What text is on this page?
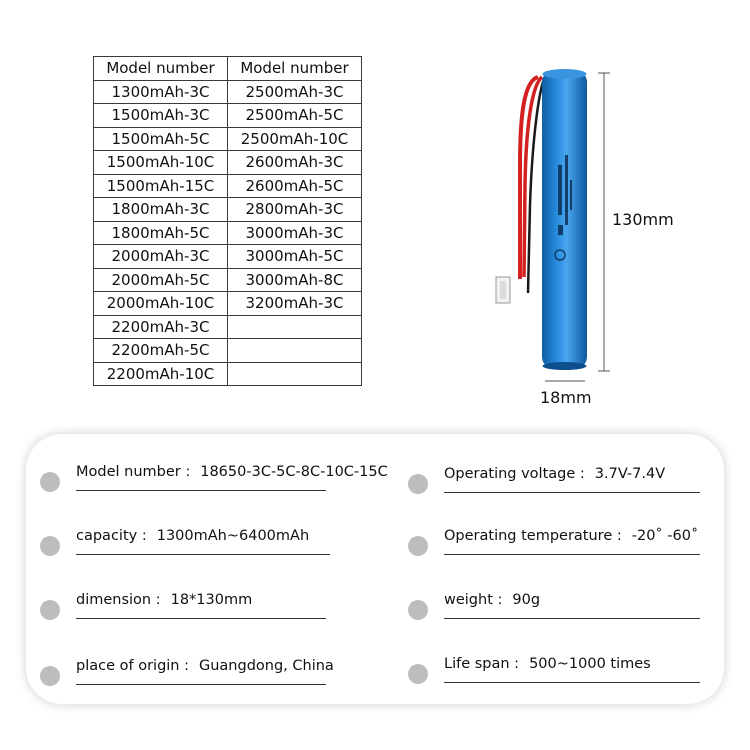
Model number	Model number
1300mAh-3C	2500mAh-3C
1500mAh-3C	2500mAh-5C
1500mAh-5C	2500mAh-10C
1500mAh-10C	2600mAh-3C
1500mAh-15C	2600mAh-5C
1800mAh-3C	2800mAh-3C
1800mAh-5C	3000mAh-3C
2000mAh-3C	3000mAh-5C
2000mAh-5C	3000mAh-8C
2000mAh-10C	3200mAh-3C
2200mAh-3C	
2200mAh-5C	
2200mAh-10C	
130mm
18mm
Model number : 18650-3C-5C-8C-10C-15C
capacity : 1300mAh~6400mAh
dimension : 18*130mm
place of origin : Guangdong, China
Operating voltage : 3.7V-7.4V
Operating temperature : -20˚ -60˚
weight : 90g
Life span : 500~1000 times
